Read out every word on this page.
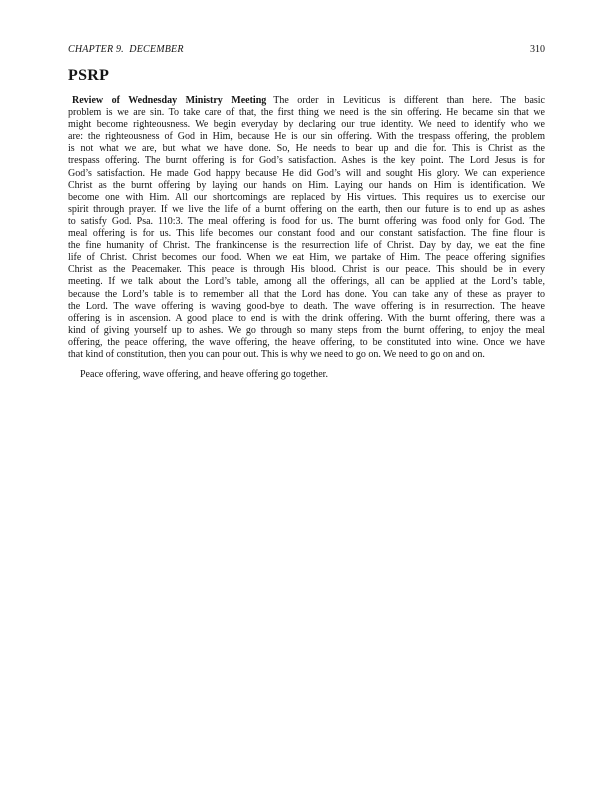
CHAPTER 9.  DECEMBER	310
PSRP
Review of Wednesday Ministry Meeting The order in Leviticus is different than here. The basic
problem is we are sin. To take care of that, the first thing we need is the sin offering. He became sin that we
might become righteousness. We begin everyday by declaring our true identity. We need to identify who we
are: the righteousness of God in Him, because He is our sin offering. With the trespass offering, the problem
is not what we are, but what we have done. So, He needs to bear up and die for. This is Christ as the
trespass offering. The burnt offering is for God’s satisfaction. Ashes is the key point. The Lord Jesus is for
God’s satisfaction. He made God happy because He did God’s will and sought His glory. We can experience
Christ as the burnt offering by laying our hands on Him. Laying our hands on Him is identification. We
become one with Him. All our shortcomings are replaced by His virtues. This requires us to exercise our
spirit through prayer. If we live the life of a burnt offering on the earth, then our future is to end up as ashes
to satisfy God. Psa. 110:3. The meal offering is food for us. The burnt offering was food only for God. The
meal offering is for us. This life becomes our constant food and our constant satisfaction. The fine flour is
the fine humanity of Christ. The frankincense is the resurrection life of Christ. Day by day, we eat the fine
life of Christ. Christ becomes our food. When we eat Him, we partake of Him. The peace offering signifies
Christ as the Peacemaker. This peace is through His blood. Christ is our peace. This should be in every
meeting. If we talk about the Lord’s table, among all the offerings, all can be applied at the Lord’s table,
because the Lord’s table is to remember all that the Lord has done. You can take any of these as prayer to
the Lord. The wave offering is waving good-bye to death. The wave offering is in resurrection. The heave
offering is in ascension. A good place to end is with the drink offering. With the burnt offering, there was a
kind of giving yourself up to ashes. We go through so many steps from the burnt offering, to enjoy the meal
offering, the peace offering, the wave offering, the heave offering, to be constituted into wine. Once we have
that kind of constitution, then you can pour out. This is why we need to go on. We need to go on and on.
Peace offering, wave offering, and heave offering go together.
